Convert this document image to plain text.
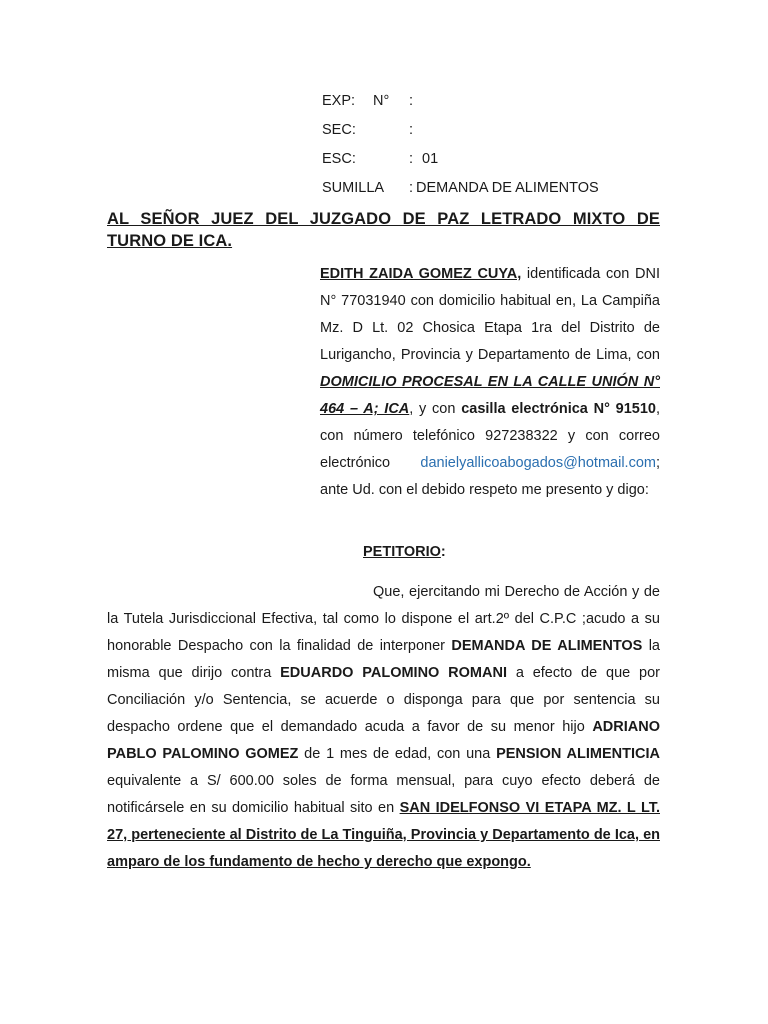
EXP: N° :
SEC:	:
ESC:	: 01
SUMILLA : DEMANDA DE ALIMENTOS
AL SEÑOR JUEZ DEL JUZGADO DE PAZ LETRADO MIXTO DE TURNO DE ICA.
EDITH ZAIDA GOMEZ CUYA, identificada con DNI N° 77031940 con domicilio habitual en, La Campiña Mz. D Lt. 02 Chosica Etapa 1ra del Distrito de Lurigancho, Provincia y Departamento de Lima, con DOMICILIO PROCESAL EN LA CALLE UNIÓN N° 464 – A; ICA, y con casilla electrónica N° 91510, con número telefónico 927238322 y con correo electrónico danielyallicoabogados@hotmail.com; ante Ud. con el debido respeto me presento y digo:
PETITORIO:
Que, ejercitando mi Derecho de Acción y de la Tutela Jurisdiccional Efectiva, tal como lo dispone el art.2º del C.P.C ;acudo a su honorable Despacho con la finalidad de interponer DEMANDA DE ALIMENTOS la misma que dirijo contra EDUARDO PALOMINO ROMANI a efecto de que por Conciliación y/o Sentencia, se acuerde o disponga para que por sentencia su despacho ordene que el demandado acuda a favor de su menor hijo ADRIANO PABLO PALOMINO GOMEZ de 1 mes de edad, con una PENSION ALIMENTICIA equivalente a S/ 600.00 soles de forma mensual, para cuyo efecto deberá de notificársele en su domicilio habitual sito en SAN IDELFONSO VI ETAPA MZ. L LT. 27, perteneciente al Distrito de La Tinguiña, Provincia y Departamento de Ica, en amparo de los fundamento de hecho y derecho que expongo.
